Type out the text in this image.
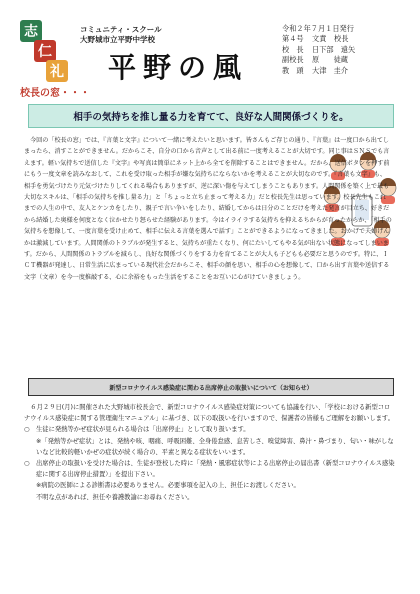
志
仁
礼
コミュニティ・スクール
大野城市立平野中学校
平野の風
令和２年７月１日発行
第４号	文責	校長
校　長	日下部　遠矢
副校長	原　　徒蔵
教　頭	大津　圭介
校長の窓・・・
相手の気持ちを推し量る力を育てて、良好な人間関係づくりを。

今回の「校長の窓」では、『言葉と文字』について一緒に考えたいと思います。皆さんもご存じの通り、『言葉』は一度口から出てしまったら、消すことができません。だからこそ、自分の口から音声として出る前に一度考えることが大切です。同じ事はＳＮＳでも言えます。軽い気持ちで送信した『文字』や写真は簡単にネット上から全てを削除することはできません。だから、送信ボタンを押す前にもう一度文章を読みなおして、これを受け取った相手が嫌な気持ちにならないかを考えることが大切なのです。『言葉も文字』も、相手を勇気づけたり元気づけたりしてくれる場合もありますが、逆に深い傷を与えてしまうこともあります。人間関係を築く上で最も大切なスキルは、「相手の気持ちを推し量る力」と「ちょっと立ち止まって考える力」だと校長先生は思っています。校長先生もこれまでの人生の中で、友人とケンカをしたり、親子で言い争いをしたり、結婚してからは日分のことだけを考えた発言が目立ち、好きだから結婚した奥様を何度となく泣かせたり怒らせた経験があります。今はイライラする気持ちを抑えるちからが育ったからか、「相手の気持ちを想像して、一度言葉を受け止めて、相手に伝える言葉を選んで話す」ことができるようになってきました。おかげで夫婦げんかは激減しています。人間関係のトラブルが発生すると、気持ちが重たくなり、何にたいしてもやる気が出ない状態になってしまいます。だから、人間関係のトラブルを減らし、良好な関係づくりをする力を育てることが大人も子どもも必要だと思うのです。特に、ＩＣＴ機器が発達し、日常生活に広まっている現代社会だからこそ、相手の顔を思い、相手の心を想像して、口から出す言葉や送信する文字（文章）を今一度推敲する、心に余裕をもった生活をすることをお互いに心がけていきましょう。

新型コロナウイルス感染症に関わる出席停止の取扱いについて（お知らせ）

６月２９日(月)に開催された大野城市校長会で、新型コロナウイルス感染症対策についても協議を行い、「学校における新型コロナウイルス感染症に関する管理衛生マニュアル」に基づき、以下の取扱いを行いますので、保護者の皆様もご理解をお願いします。

○	生徒に発熱等かぜ症状が見られる場合は「出席停止」として取り扱います。

※「発熱等かぜ症状」とは、発熱や咳、咽痛、呼吸困難、全身倦怠感、息苦しさ、嗅覚障害、鼻汁・鼻づまり、匂い・味がしないなど比較的軽いかぜの症状が続く場合の、平素と異なる症状をいいます。

○	出席停止の取扱いを受けた場合は、生徒が登校した時に「発熱・風邪症状等による出席停止の届出書（新型コロナウイルス感染症に関する出席停止措置）」を提出下さい。

※病院の医師による診断書は必要ありません。必要事項を記入の上、担任にお渡しください。

不明な点があれば、担任や養護教諭にお尋ねください。
